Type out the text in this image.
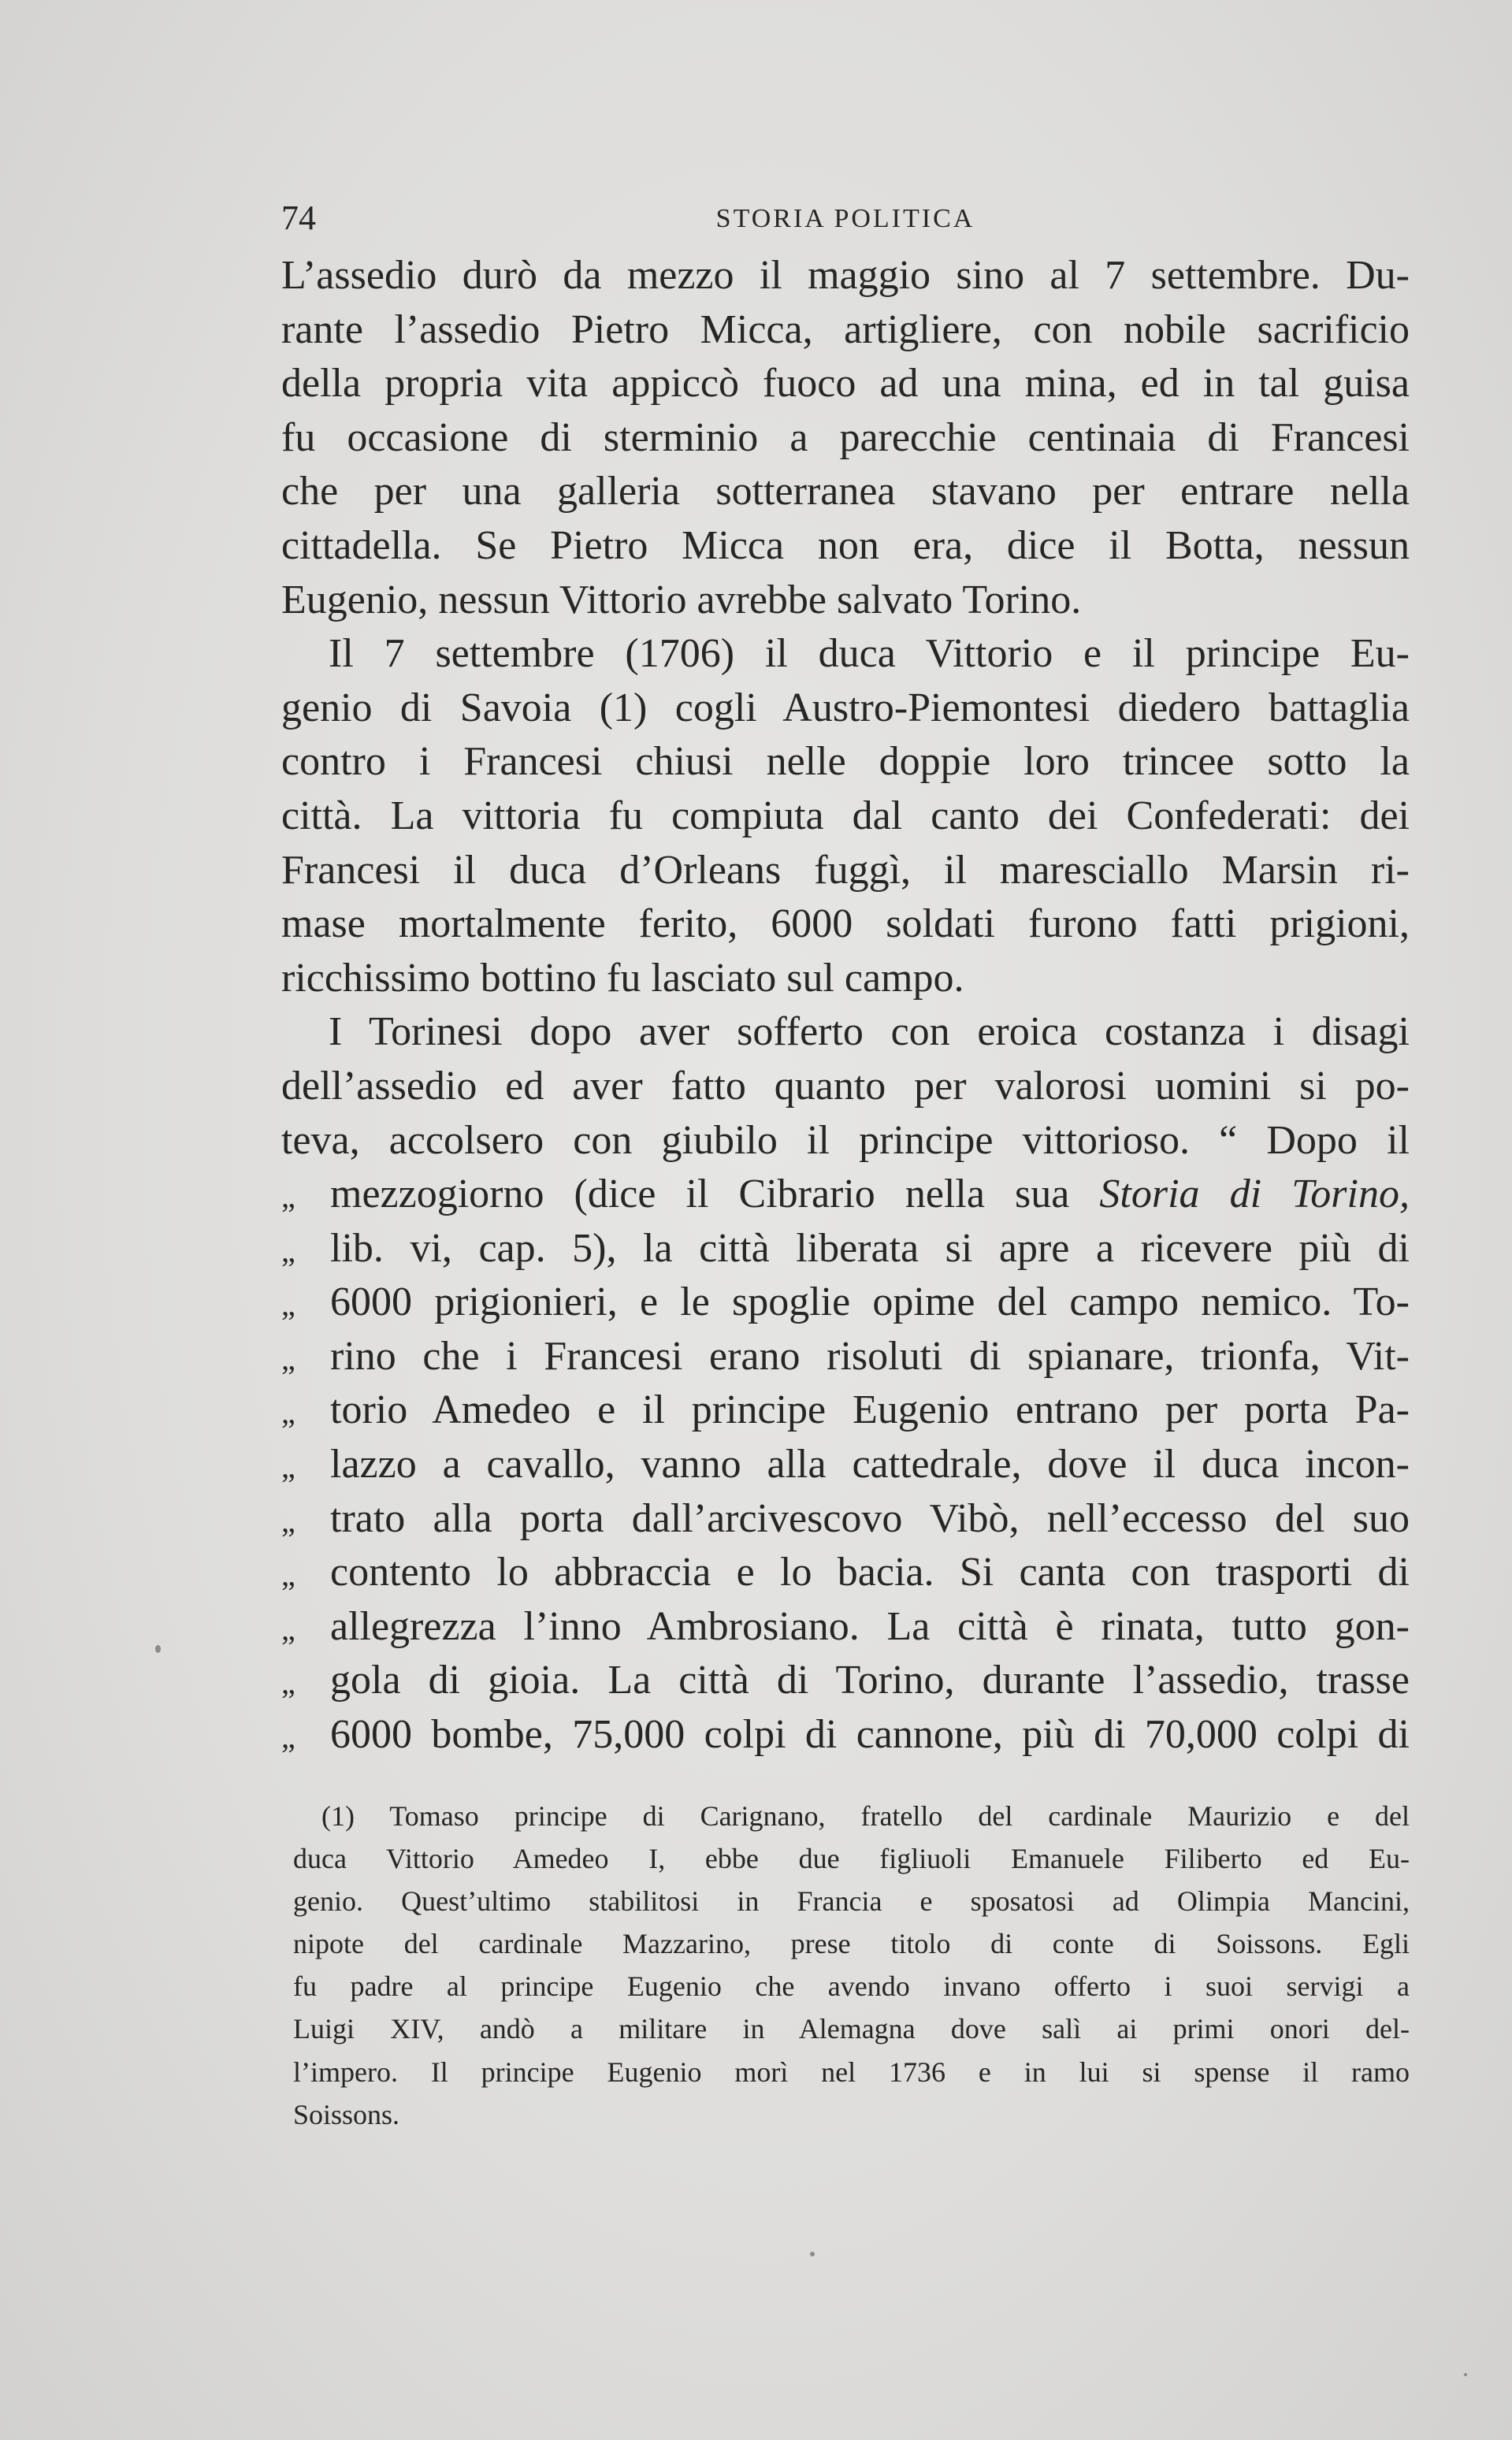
74	STORIA POLITICA
L’assedio durò da mezzo il maggio sino al 7 settembre. Du-
rante l’assedio Pietro Micca, artigliere, con nobile sacrificio
della propria vita appiccò fuoco ad una mina, ed in tal guisa
fu occasione di sterminio a parecchie centinaia di Francesi
che per una galleria sotterranea stavano per entrare nella
cittadella. Se Pietro Micca non era, dice il Botta, nessun
Eugenio, nessun Vittorio avrebbe salvato Torino.
Il 7 settembre (1706) il duca Vittorio e il principe Eu-
genio di Savoia (1) cogli Austro-Piemontesi diedero battaglia
contro i Francesi chiusi nelle doppie loro trincee sotto la
città. La vittoria fu compiuta dal canto dei Confederati: dei
Francesi il duca d’Orleans fuggì, il maresciallo Marsin ri-
mase mortalmente ferito, 6000 soldati furono fatti prigioni,
ricchissimo bottino fu lasciato sul campo.
I Torinesi dopo aver sofferto con eroica costanza i disagi
dell’assedio ed aver fatto quanto per valorosi uomini si po-
teva, accolsero con giubilo il principe vittorioso. “ Dopo il
„ mezzogiorno (dice il Cibrario nella sua Storia di Torino,
„ lib. vi, cap. 5), la città liberata si apre a ricevere più di
„ 6000 prigionieri, e le spoglie opime del campo nemico. To-
„ rino che i Francesi erano risoluti di spianare, trionfa, Vit-
„ torio Amedeo e il principe Eugenio entrano per porta Pa-
„ lazzo a cavallo, vanno alla cattedrale, dove il duca incon-
„ trato alla porta dall’arcivescovo Vibò, nell’eccesso del suo
„ contento lo abbraccia e lo bacia. Si canta con trasporti di
„ allegrezza l’inno Ambrosiano. La città è rinata, tutto gon-
„ gola di gioia. La città di Torino, durante l’assedio, trasse
„ 6000 bombe, 75,000 colpi di cannone, più di 70,000 colpi di
(1) Tomaso principe di Carignano, fratello del cardinale Maurizio e del
duca Vittorio Amedeo I, ebbe due figliuoli Emanuele Filiberto ed Eu-
genio. Quest’ultimo stabilitosi in Francia e sposatosi ad Olimpia Mancini,
nipote del cardinale Mazzarino, prese titolo di conte di Soissons. Egli
fu padre al principe Eugenio che avendo invano offerto i suoi servigi a
Luigi XIV, andò a militare in Alemagna dove salì ai primi onori del-
l’impero. Il principe Eugenio morì nel 1736 e in lui si spense il ramo
Soissons.
